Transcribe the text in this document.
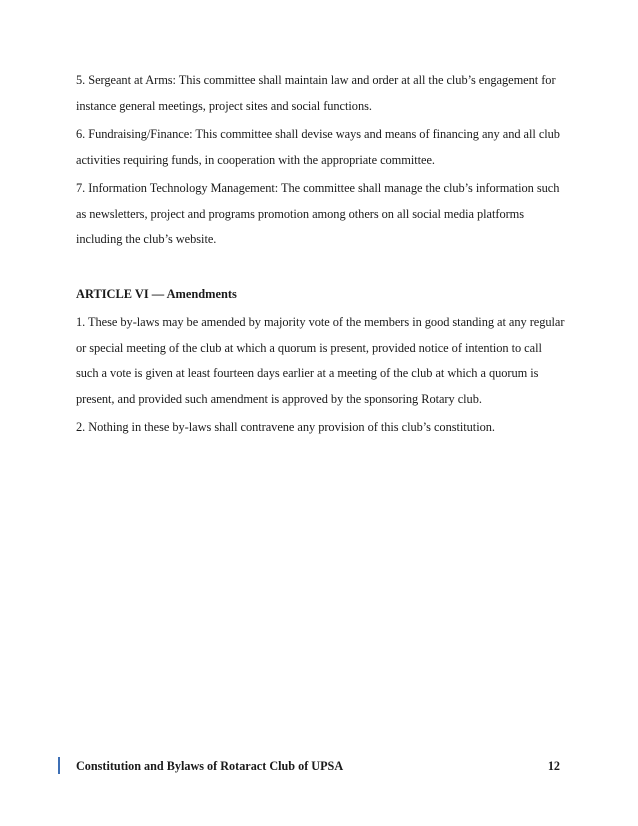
5. Sergeant at Arms: This committee shall maintain law and order at all the club’s engagement for instance general meetings, project sites and social functions.

6. Fundraising/Finance: This committee shall devise ways and means of financing any and all club activities requiring funds, in cooperation with the appropriate committee.

7. Information Technology Management: The committee shall manage the club’s information such as newsletters, project and programs promotion among others on all social media platforms including the club’s website.

ARTICLE VI — Amendments

1. These by-laws may be amended by majority vote of the members in good standing at any regular or special meeting of the club at which a quorum is present, provided notice of intention to call such a vote is given at least fourteen days earlier at a meeting of the club at which a quorum is present, and provided such amendment is approved by the sponsoring Rotary club.

2. Nothing in these by-laws shall contravene any provision of this club’s constitution.

Constitution and Bylaws of Rotaract Club of UPSA	12
